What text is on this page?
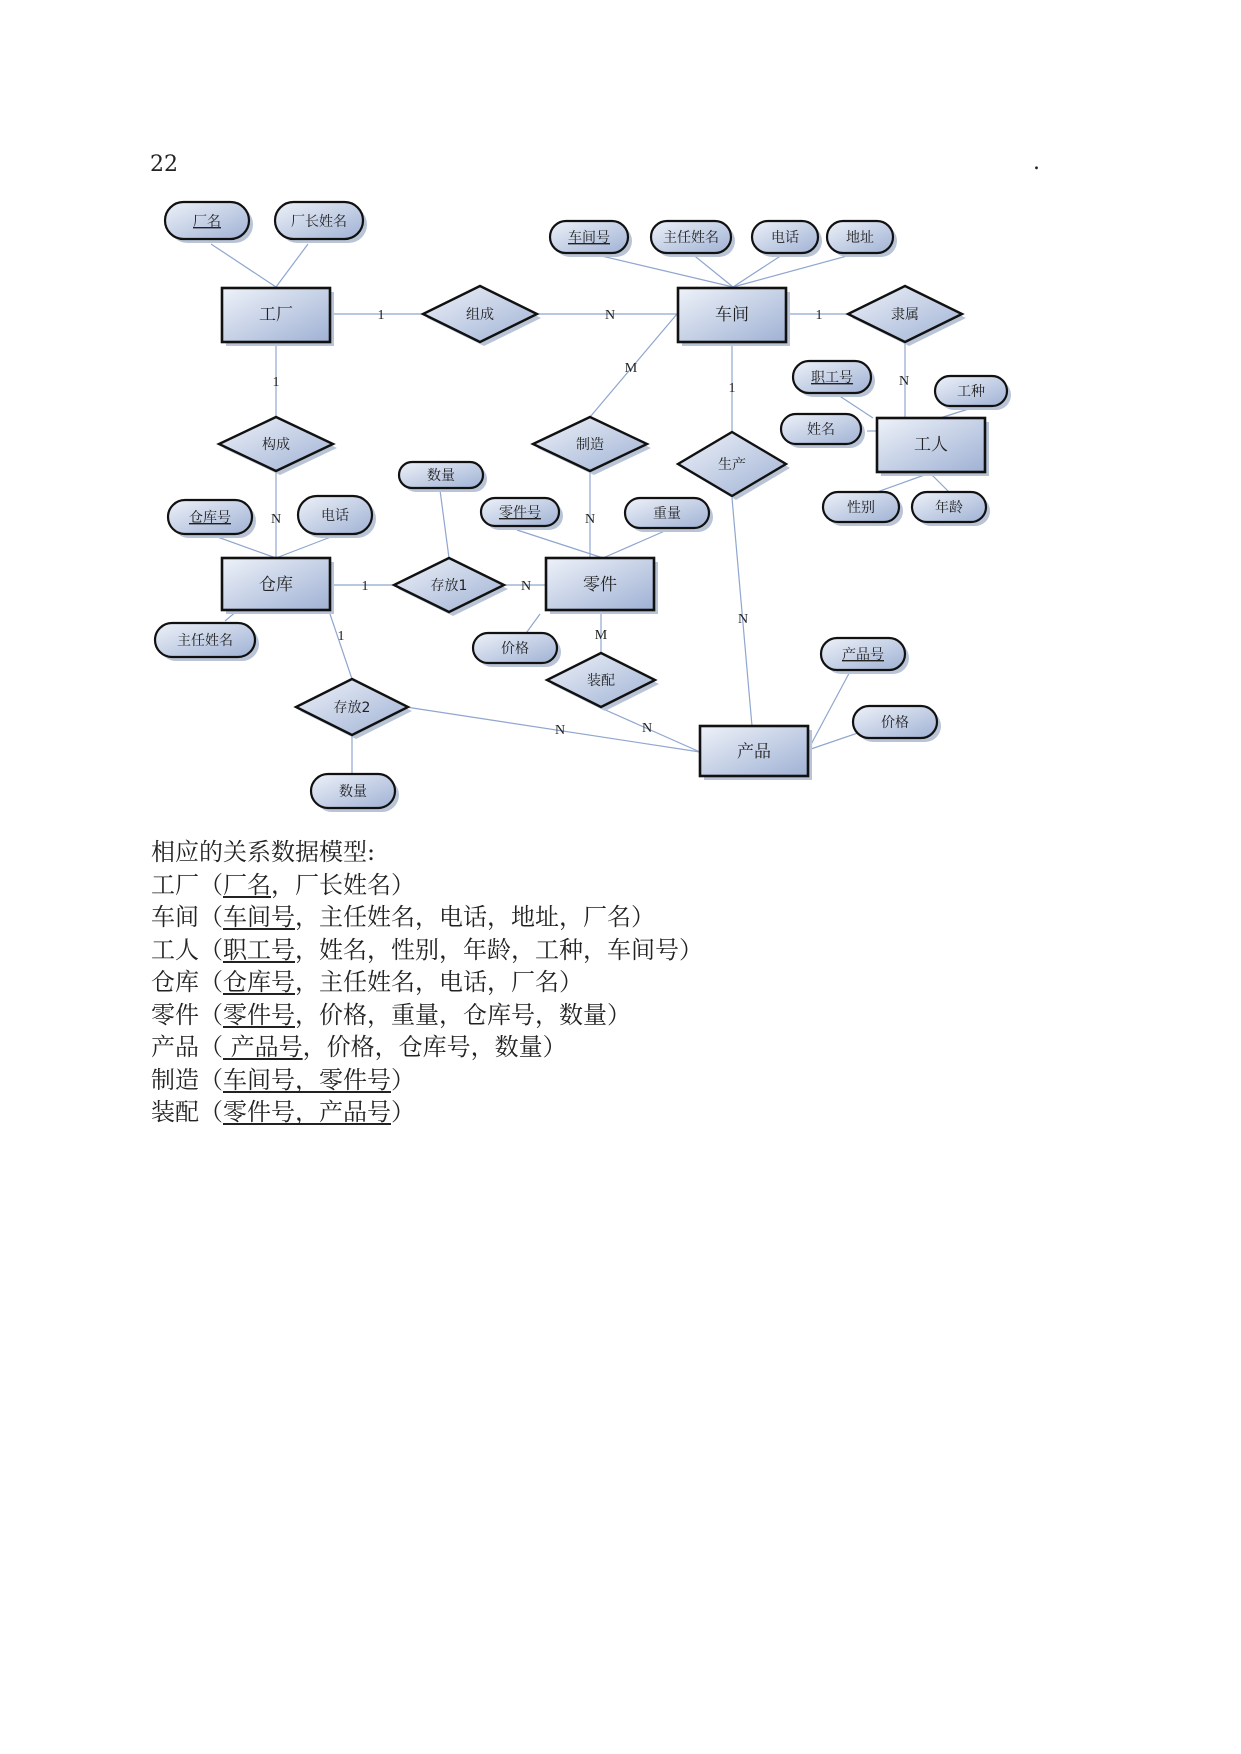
22	.
1	N	1
N
1
N
M
N
1
N
1	N
1
N
M
N
厂名	厂长姓名
车间号	主任姓名	电话	地址
职工号
工种
姓名
性别	年龄
仓库号	电话
主任姓名
数量
零件号	重量
价格	产品号
价格
数量
工厂	车间
工人
仓库	零件
产品
组成	隶属
构成	制造
生产
存放1
装配
存放2
相应的关系数据模型:
工厂（厂名，厂长姓名）
车间（车间号，主任姓名，电话，地址，厂名）
工人（职工号，姓名，性别，年龄，工种，车间号）
仓库（仓库号，主任姓名，电话，厂名）
零件（零件号，价格，重量，仓库号，数量）
产品（ 产品号，价格，仓库号，数量）
制造（车间号，零件号）
装配（零件号，产品号）
